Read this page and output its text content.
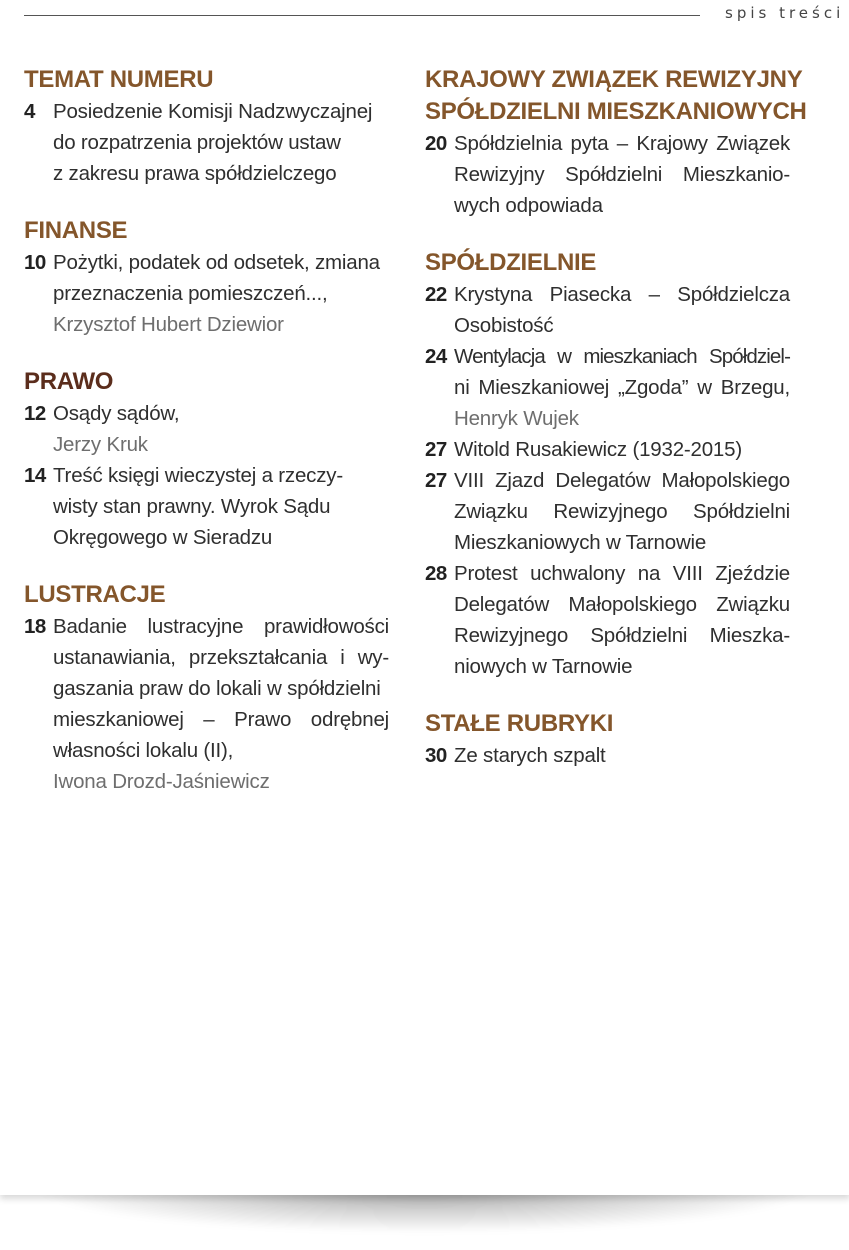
spis treści
TEMAT NUMERU
4 Posiedzenie Komisji Nadzwyczajnej
do rozpatrzenia projektów ustaw
z zakresu prawa spółdzielczego
FINANSE
10 Pożytki, podatek od odsetek, zmiana
przeznaczenia pomieszczeń...,
Krzysztof Hubert Dziewior
PRAWO
12 Osądy sądów,
Jerzy Kruk
14 Treść księgi wieczystej a rzeczy-
wisty stan prawny. Wyrok Sądu
Okręgowego w Sieradzu
LUSTRACJE
18 Badanie lustracyjne prawidłowości
ustanawiania, przekształcania i wy-
gaszania praw do lokali w spółdzielni
mieszkaniowej – Prawo odrębnej
własności lokalu (II),
Iwona Drozd-Jaśniewicz
KRAJOWY ZWIĄZEK REWIZYJNY
SPÓŁDZIELNI MIESZKANIOWYCH
20 Spółdzielnia pyta – Krajowy Związek
Rewizyjny Spółdzielni Mieszkanio-
wych odpowiada
SPÓŁDZIELNIE
22 Krystyna Piasecka – Spółdzielcza
Osobistość
24 Wentylacja w mieszkaniach Spółdziel-
ni Mieszkaniowej „Zgoda” w Brzegu,
Henryk Wujek
27 Witold Rusakiewicz (1932-2015)
27 VIII Zjazd Delegatów Małopolskiego
Związku Rewizyjnego Spółdzielni
Mieszkaniowych w Tarnowie
28 Protest uchwalony na VIII Zjeździe
Delegatów Małopolskiego Związku
Rewizyjnego Spółdzielni Mieszka-
niowych w Tarnowie
STAŁE RUBRYKI
30 Ze starych szpalt
